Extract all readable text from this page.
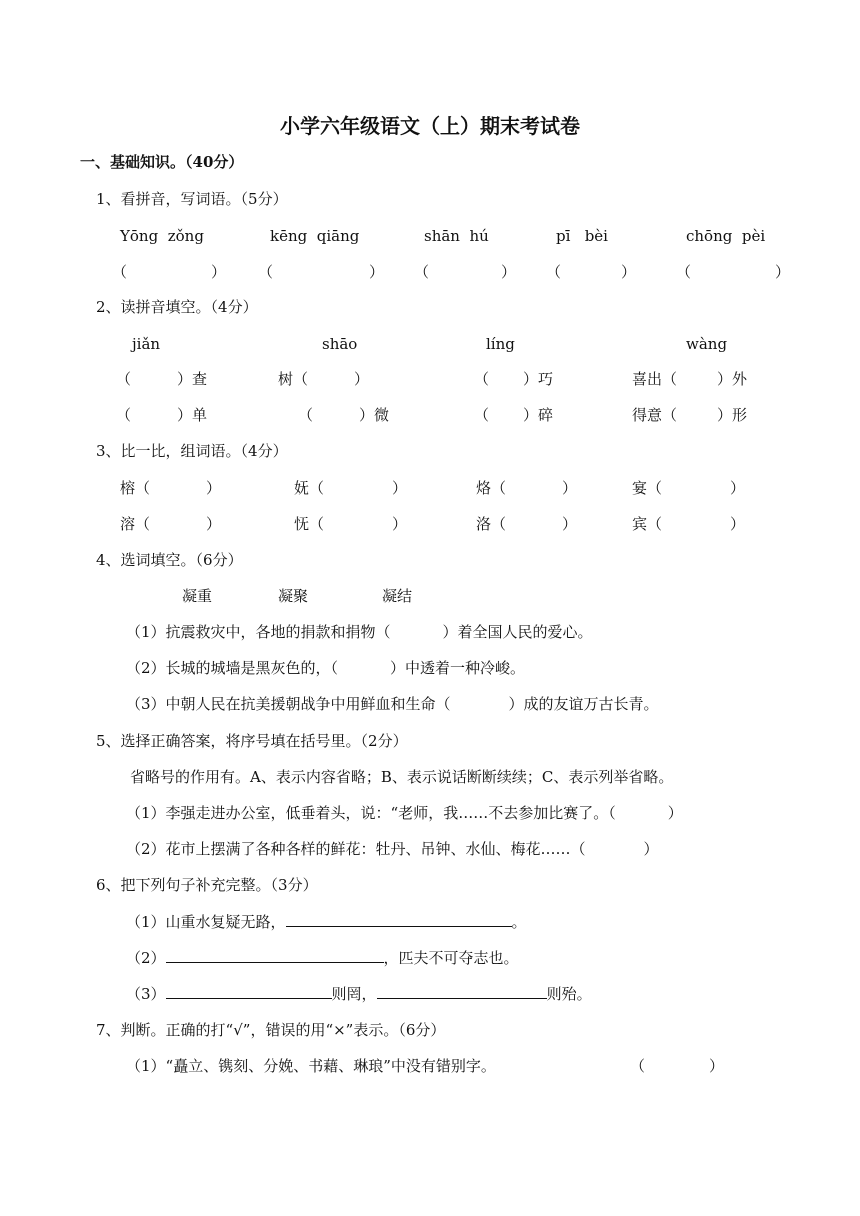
小学六年级语文（上）期末考试卷
一、基础知识。（40分）
1、看拼音，写词语。（5分）
Yōng  zǒng	kēng  qiāng	shān  hú	pī   bèi	chōng  pèi
（	） （	） （	） （	）	（	）
2、读拼音填空。（4分）
jiǎn	shāo	líng	wàng
（	）查	树（	）	（ ）巧	喜出（	）外
（	）单	（	）微	（ ）碎	得意（	）形
3、比一比，组词语。（4分）
榕（	）	妩（	）	烙（	）	宴（	）
溶（	）	怃（	）	洛（	）	宾（	）
4、选词填空。（6分）
凝重	凝聚	凝结
（1）抗震救灾中，各地的捐款和捐物（	）着全国人民的爱心。
（2）长城的城墙是黑灰色的，（	）中透着一种冷峻。
（3）中朝人民在抗美援朝战争中用鲜血和生命（	）成的友谊万古长青。
5、选择正确答案，将序号填在括号里。（2分）
省略号的作用有。A、表示内容省略；B、表示说话断断续续；C、表示列举省略。
（1）李强走进办公室，低垂着头，说：“老师，我……不去参加比赛了。（	）
（2）花市上摆满了各种各样的鲜花：牡丹、吊钟、水仙、梅花……（	）
6、把下列句子补充完整。（3分）
（1）山重水复疑无路，	。
（2）	，匹夫不可夺志也。
（3）	则罔，	则殆。
7、判断。正确的打“√”，错误的用“×”表示。（6分）
（1）“矗立、镌刻、分娩、书藉、琳琅”中没有错别字。	（	）
